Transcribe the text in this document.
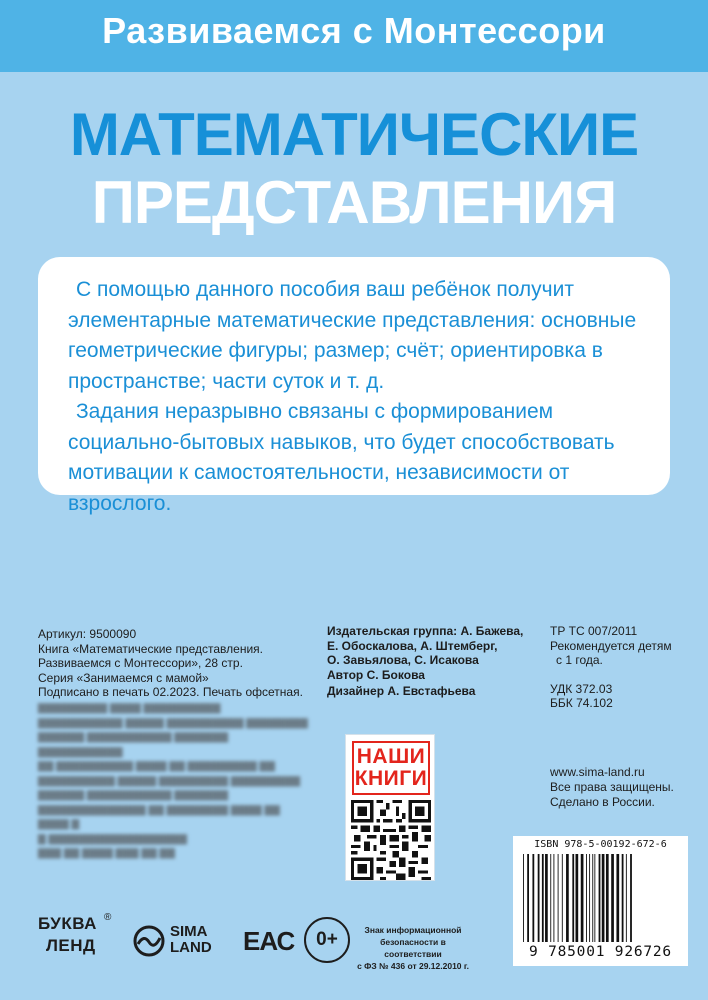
Развиваемся с Монтессори
МАТЕМАТИЧЕСКИЕ
ПРЕДСТАВЛЕНИЯ

С помощью данного пособия ваш ребёнок получит элементарные математические представления: основные геометрические фигуры; размер; счёт; ориентировка в пространстве; части суток и т. д.

Задания неразрывно связаны с формированием социально-бытовых навыков, что будет способствовать мотивации к самостоятельности, независимости от взрослого.

Артикул: 9500090
Книга «Математические представления.
Развиваемся с Монтессори», 28 стр.
Серия «Занимаемся с мамой»
Подписано в печать 02.2023. Печать офсетная.
▇▇▇▇▇▇▇▇▇ ▇▇▇▇ ▇▇▇▇▇▇▇▇▇▇
▇▇▇▇▇▇▇▇▇▇▇ ▇▇▇▇▇ ▇▇▇▇▇▇▇▇▇▇ ▇▇▇▇▇▇▇▇
▇▇▇▇▇▇ ▇▇▇▇▇▇▇▇▇▇▇ ▇▇▇▇▇▇▇ ▇▇▇▇▇▇▇▇▇▇▇
▇▇ ▇▇▇▇▇▇▇▇▇▇ ▇▇▇▇ ▇▇ ▇▇▇▇▇▇▇▇▇ ▇▇
▇▇▇▇▇▇▇▇▇▇ ▇▇▇▇▇ ▇▇▇▇▇▇▇▇▇ ▇▇▇▇▇▇▇▇▇
▇▇▇▇▇▇ ▇▇▇▇▇▇▇▇▇▇▇ ▇▇▇▇▇▇▇
▇▇▇▇▇▇▇▇▇▇▇▇▇▇ ▇▇ ▇▇▇▇▇▇▇▇ ▇▇▇▇ ▇▇ ▇▇▇▇ ▇
▇ ▇▇▇▇▇▇▇▇▇▇▇▇▇▇▇▇▇▇
▇▇▇ ▇▇ ▇▇▇▇ ▇▇▇ ▇▇ ▇▇
Издательская группа: А. Бажева,
Е. Обоскалова, А. Штемберг,
О. Завьялова, С. Исакова
Автор С. Бокова
Дизайнер А. Евстафьева
ТР ТС 007/2011
Рекомендуется детям
с 1 года.
УДК 372.03
ББК 74.102
www.sima-land.ru
Все права защищены.
Сделано в России.
НАШИ
КНИГИ
ISBN 978-5-00192-672-6
9 785001 926726
БУКВА
ЛЕНД
®
SIMA
LAND ЕАС	0+	Знак информационной
безопасности в соответствии
с ФЗ № 436 от 29.12.2010 г.
